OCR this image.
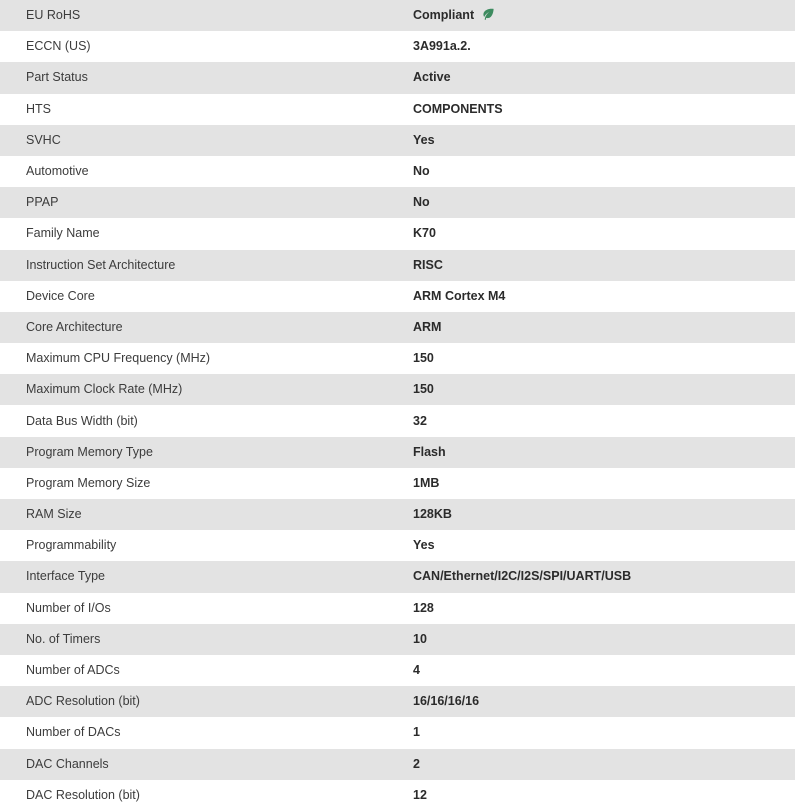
EU RoHS	Compliant

ECCN (US)	3A991a.2.
Part Status	Active
HTS	COMPONENTS
SVHC	Yes
Automotive	No
PPAP	No
Family Name	K70
Instruction Set Architecture	RISC
Device Core	ARM Cortex M4
Core Architecture	ARM
Maximum CPU Frequency (MHz)	150
Maximum Clock Rate (MHz)	150
Data Bus Width (bit)	32
Program Memory Type	Flash
Program Memory Size	1MB
RAM Size	128KB
Programmability	Yes
Interface Type	CAN/Ethernet/I2C/I2S/SPI/UART/USB
Number of I/Os	128
No. of Timers	10
Number of ADCs	4
ADC Resolution (bit)	16/16/16/16
Number of DACs	1
DAC Channels	2
DAC Resolution (bit)	12
